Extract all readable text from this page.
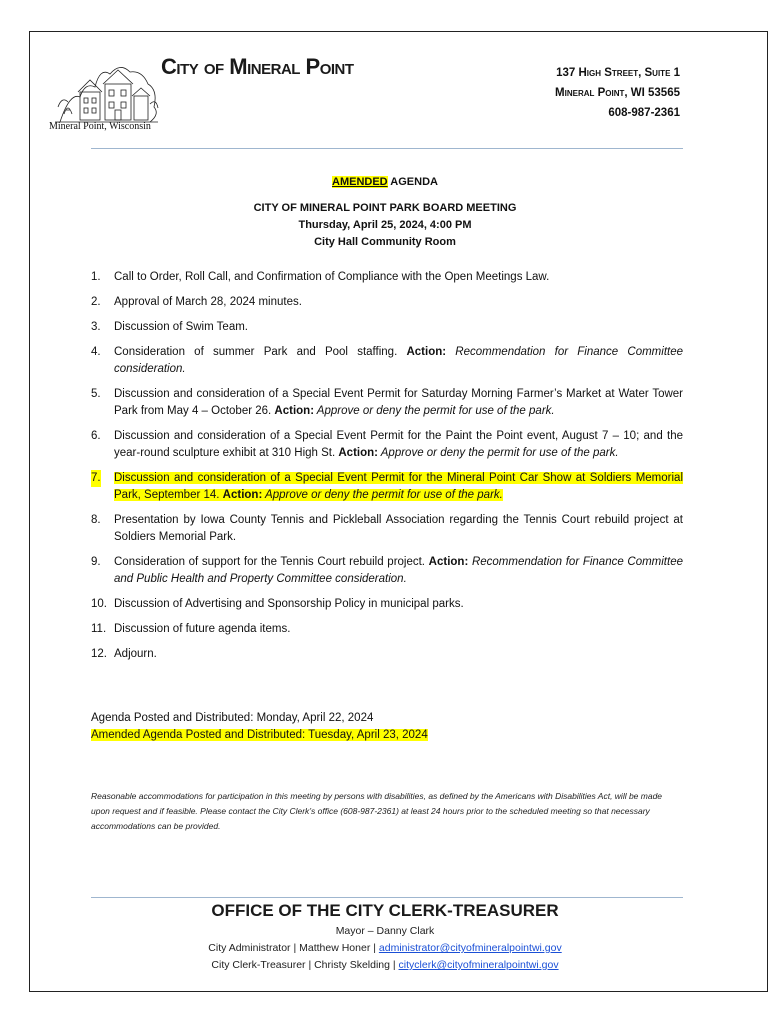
Mineral Point, Wisconsin
City of Mineral Point	137 High Street, Suite 1
Mineral Point, WI 53565
608-987-2361
AMENDED AGENDA
CITY OF MINERAL POINT PARK BOARD MEETING
Thursday, April 25, 2024, 4:00 PM
City Hall Community Room
1. Call to Order, Roll Call, and Confirmation of Compliance with the Open Meetings Law.
2. Approval of March 28, 2024 minutes.
3. Discussion of Swim Team.
4. Consideration of summer Park and Pool staffing. Action: Recommendation for Finance Committee consideration.
5. Discussion and consideration of a Special Event Permit for Saturday Morning Farmer’s Market at Water Tower Park from May 4 – October 26. Action: Approve or deny the permit for use of the park.
6. Discussion and consideration of a Special Event Permit for the Paint the Point event, August 7 – 10; and the year-round sculpture exhibit at 310 High St. Action: Approve or deny the permit for use of the park.
7. Discussion and consideration of a Special Event Permit for the Mineral Point Car Show at Soldiers Memorial Park, September 14. Action: Approve or deny the permit for use of the park.
8. Presentation by Iowa County Tennis and Pickleball Association regarding the Tennis Court rebuild project at Soldiers Memorial Park.
9. Consideration of support for the Tennis Court rebuild project. Action: Recommendation for Finance Committee and Public Health and Property Committee consideration.
10. Discussion of Advertising and Sponsorship Policy in municipal parks.
11. Discussion of future agenda items.
12. Adjourn.
Agenda Posted and Distributed: Monday, April 22, 2024
Amended Agenda Posted and Distributed: Tuesday, April 23, 2024
Reasonable accommodations for participation in this meeting by persons with disabilities, as defined by the Americans with Disabilities Act, will be made upon request and if feasible. Please contact the City Clerk’s office (608-987-2361) at least 24 hours prior to the scheduled meeting so that necessary accommodations can be provided.
OFFICE OF THE CITY CLERK-TREASURER
Mayor – Danny Clark
City Administrator | Matthew Honer | administrator@cityofmineralpointwi.gov
City Clerk-Treasurer | Christy Skelding | cityclerk@cityofmineralpointwi.gov
